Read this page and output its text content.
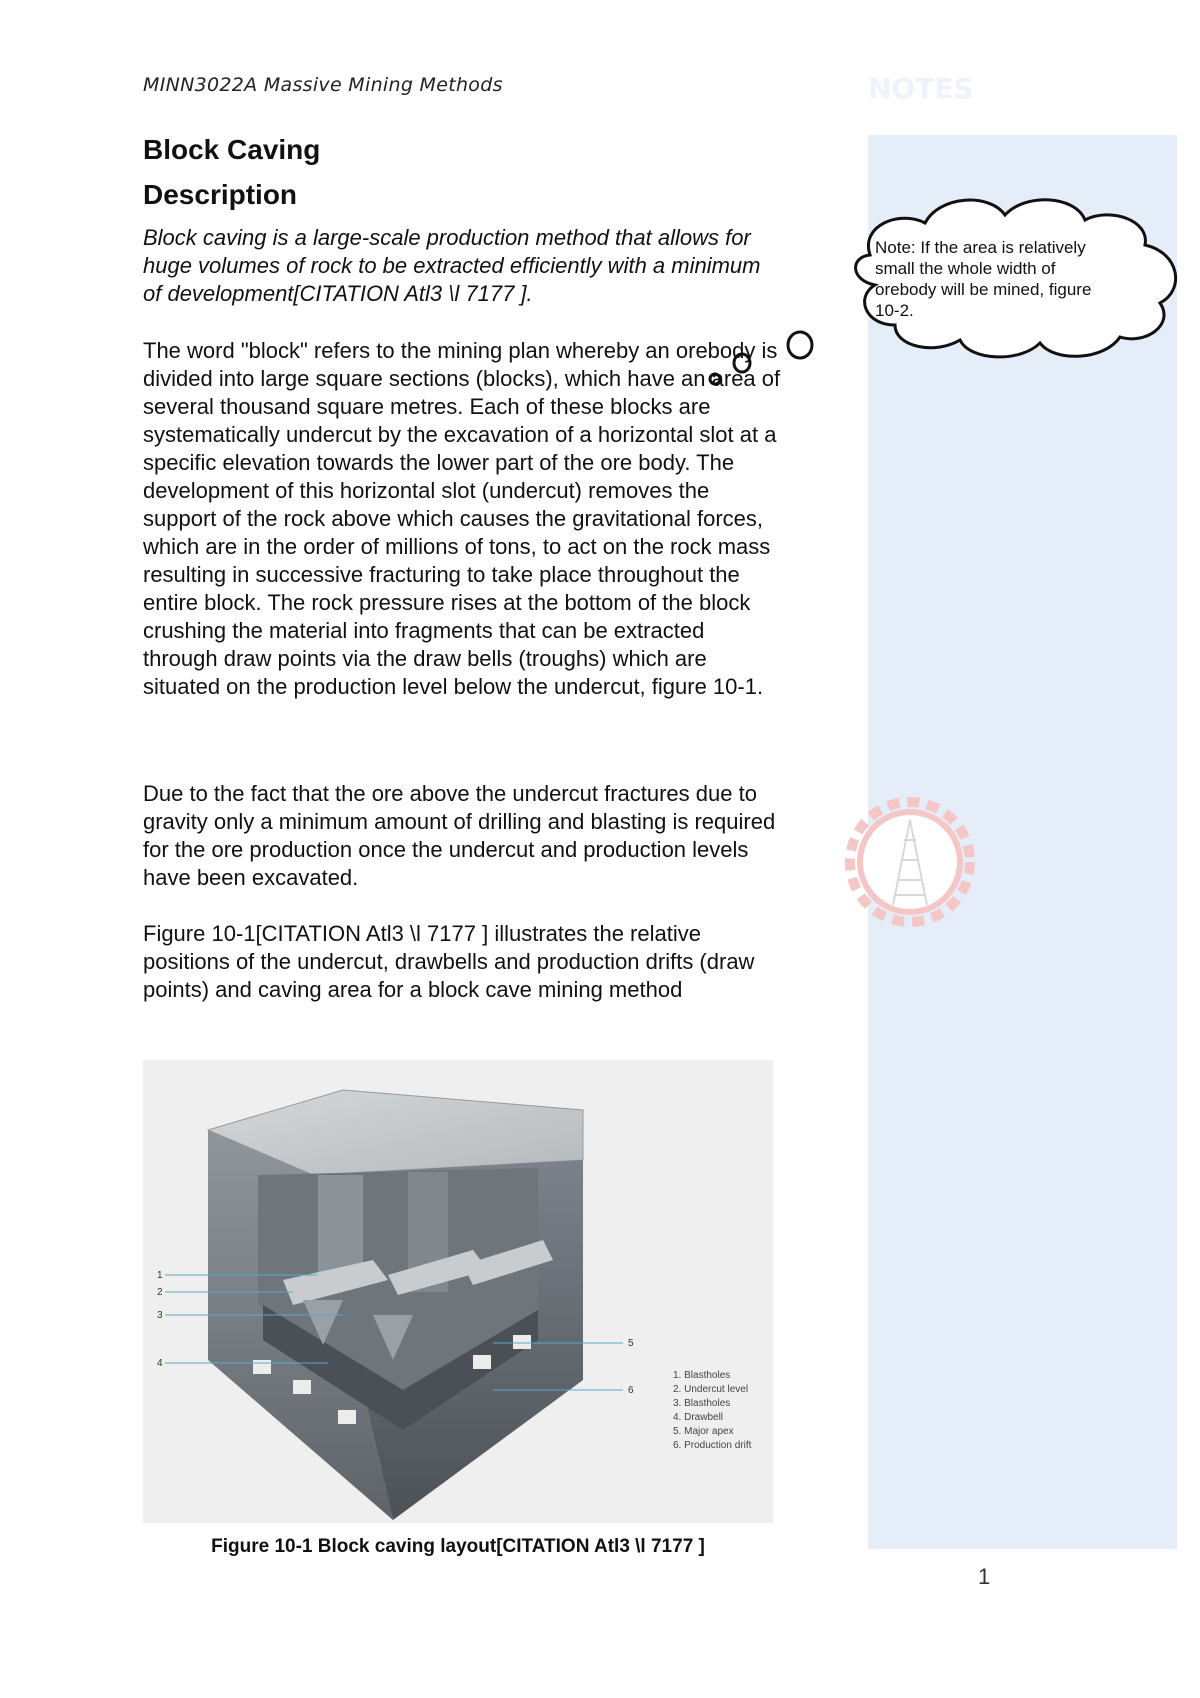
MINN3022A Massive Mining Methods	NOTES

Note: If the area is relatively small the whole width of orebody will be mined, figure 10-2.

Block Caving
Description

Block caving is a large-scale production method that allows for huge volumes of rock to be extracted efficiently with a minimum of development[CITATION Atl3 \l 7177 ].

The word "block" refers to the mining plan whereby an orebody is divided into large square sections (blocks), which have an area of several thousand square metres. Each of these blocks are systematically undercut by the excavation of a horizontal slot at a specific elevation towards the lower part of the ore body. The development of this horizontal slot (undercut) removes the support of the rock above which causes the gravitational forces, which are in the order of millions of tons, to act on the rock mass resulting in successive fracturing to take place throughout the entire block. The rock pressure rises at the bottom of the block crushing the material into fragments that can be extracted through draw points via the draw bells (troughs) which are situated on the production level below the undercut, figure 10-1.

Due to the fact that the ore above the undercut fractures due to gravity only a minimum amount of drilling and blasting is required for the ore production once the undercut and production levels have been excavated.

Figure 10-1[CITATION Atl3 \l 7177 ] illustrates the relative positions of the undercut, drawbells and production drifts (draw points) and caving area for a block cave mining method

1
2
3
4
5
6
1. Blastholes
2. Undercut level
3. Blastholes
4. Drawbell
5. Major apex
6. Production drift

Figure 10-1 Block caving layout[CITATION Atl3 \l 7177 ]

1
